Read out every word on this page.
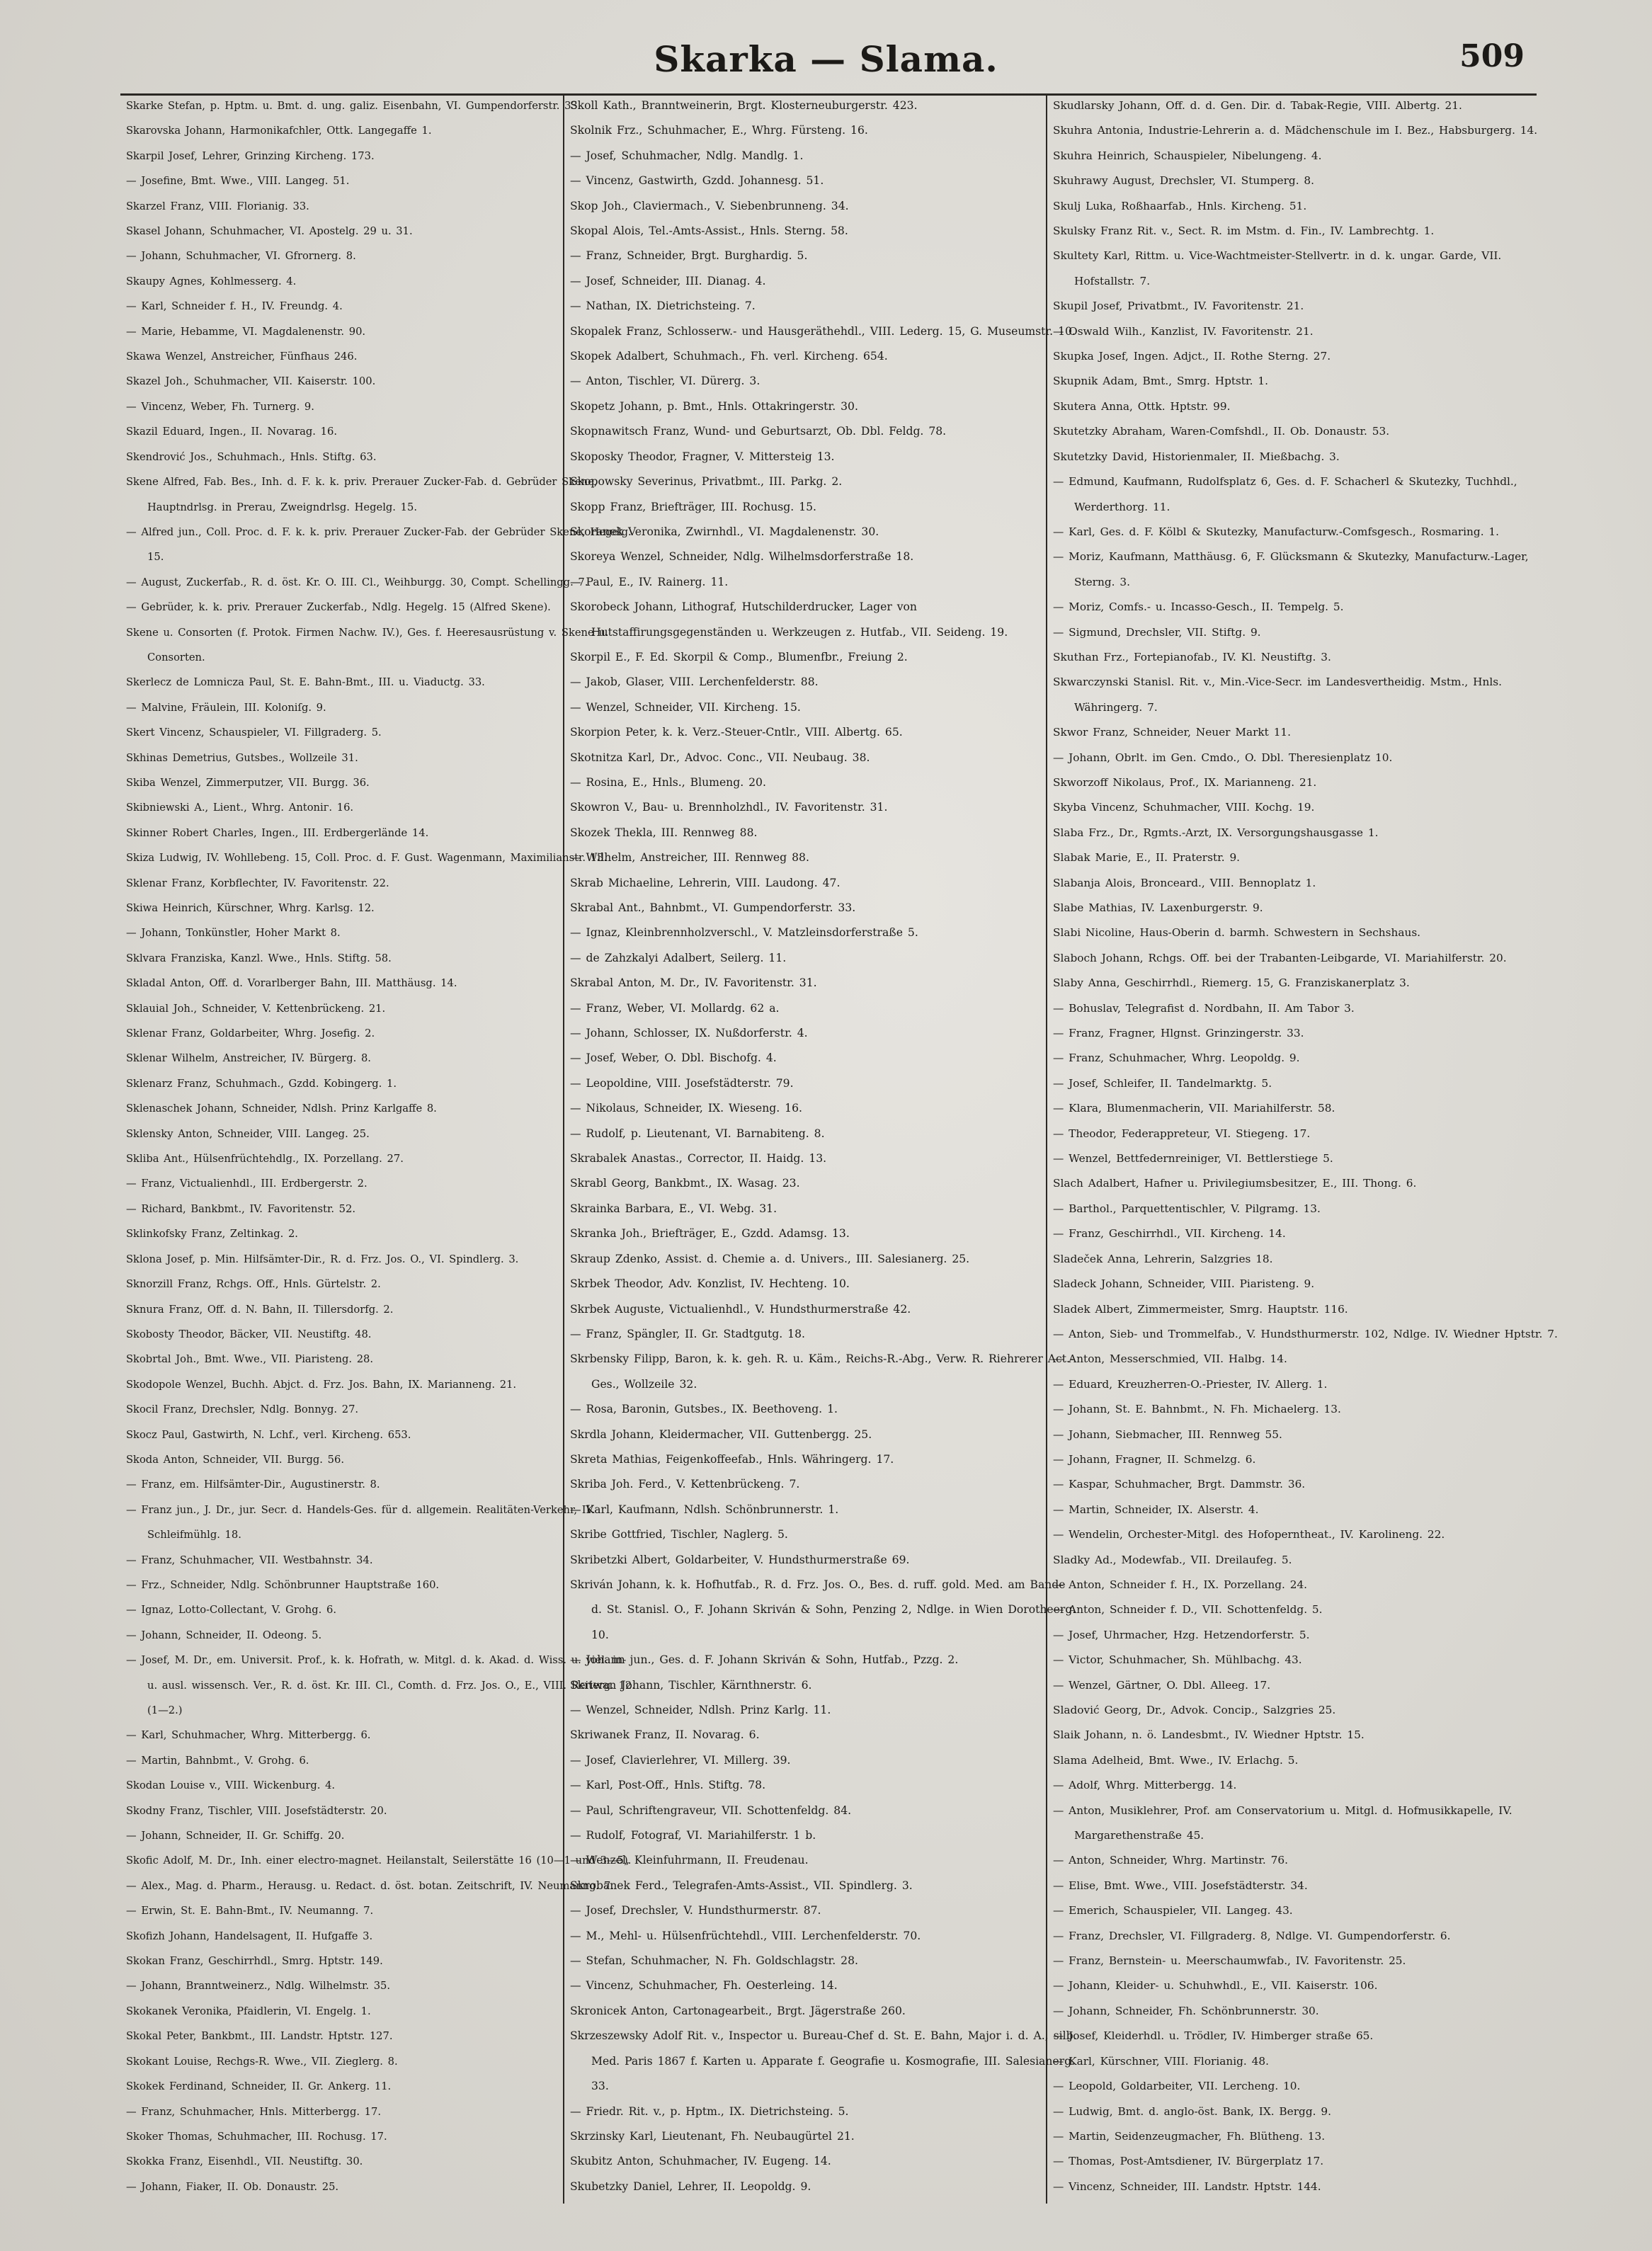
Skarka — Slama.	509

Skarke Stefan, p. Hptm. u. Bmt. d. ung. galiz. Eisenbahn, VI. Gumpendorferstr. 33.

Skarovska Johann, Harmonikafchler, Ottk. Langegaffe 1.

Skarpil Josef, Lehrer, Grinzing Kircheng. 173.

— Josefine, Bmt. Wwe., VIII. Langeg. 51.

Skarzel Franz, VIII. Florianig. 33.

Skasel Johann, Schuhmacher, VI. Apostelg. 29 u. 31.

— Johann, Schuhmacher, VI. Gfrornerg. 8.

Skaupy Agnes, Kohlmesserg. 4.

— Karl, Schneider f. H., IV. Freundg. 4.

— Marie, Hebamme, VI. Magdalenenstr. 90.

Skawa Wenzel, Anstreicher, Fünfhaus 246.

Skazel Joh., Schuhmacher, VII. Kaiserstr. 100.

— Vincenz, Weber, Fh. Turnerg. 9.

Skazil Eduard, Ingen., II. Novarag. 16.

Skendrović Jos., Schuhmach., Hnls. Stiftg. 63.

Skene Alfred, Fab. Bes., Inh. d. F. k. k. priv. Prerauer Zucker-Fab. d. Gebrüder Skene, Hauptndrlsg. in Prerau, Zweigndrlsg. Hegelg. 15.

— Alfred jun., Coll. Proc. d. F. k. k. priv. Prerauer Zucker-Fab. der Gebrüder Skene, Hegelg. 15.

— August, Zuckerfab., R. d. öst. Kr. O. III. Cl., Weihburgg. 30, Compt. Schellingg. 7.

— Gebrüder, k. k. priv. Prerauer Zuckerfab., Ndlg. Hegelg. 15 (Alfred Skene).

Skene u. Consorten (f. Protok. Firmen Nachw. IV.), Ges. f. Heeresausrüstung v. Skene u. Consorten.

Skerlecz de Lomnicza Paul, St. E. Bahn-Bmt., III. u. Viaductg. 33.

— Malvine, Fräulein, III. Koloniſg. 9.

Skert Vincenz, Schauspieler, VI. Fillgraderg. 5.

Skhinas Demetrius, Gutsbes., Wollzeile 31.

Skiba Wenzel, Zimmerputzer, VII. Burgg. 36.

Skibniewski A., Lient., Whrg. Antoniг. 16.

Skinner Robert Charles, Ingen., III. Erdbergerlände 14.

Skiza Ludwig, IV. Wohllebeng. 15, Coll. Proc. d. F. Gust. Wagenmann, Maximilianstr. 13.

Sklenar Franz, Korbflechter, IV. Favoritenstr. 22.

Skiwa Heinrich, Kürschner, Whrg. Karlsg. 12.

— Johann, Tonkünstler, Hoher Markt 8.

Sklvara Franziska, Kanzl. Wwe., Hnls. Stiftg. 58.

Skladal Anton, Off. d. Vorarlberger Bahn, III. Matthäusg. 14.

Sklauial Joh., Schneider, V. Kettenbrückeng. 21.

Sklenar Franz, Goldarbeiter, Whrg. Josefig. 2.

Sklenar Wilhelm, Anstreicher, IV. Bürgerg. 8.

Sklenarz Franz, Schuhmach., Gzdd. Kobingerg. 1.

Sklenaschek Johann, Schneider, Ndlsh. Prinz Karlgaffe 8.

Sklensky Anton, Schneider, VIII. Langeg. 25.

Skliba Ant., Hülsenfrüchtehdlg., IX. Porzellang. 27.

— Franz, Victualienhdl., III. Erdbergerstr. 2.

— Richard, Bankbmt., IV. Favoritenstr. 52.

Sklinkofsky Franz, Zeltinkag. 2.

Sklona Josef, p. Min. Hilfsämter-Dir., R. d. Frz. Jos. O., VI. Spindlerg. 3.

Sknorzill Franz, Rchgs. Off., Hnls. Gürtelstr. 2.

Sknura Franz, Off. d. N. Bahn, II. Tillersdorfg. 2.

Skobosty Theodor, Bäcker, VII. Neustiftg. 48.

Skobrtal Joh., Bmt. Wwe., VII. Piaristeng. 28.

Skodopole Wenzel, Buchh. Abjct. d. Frz. Jos. Bahn, IX. Marianneng. 21.

Skocil Franz, Drechsler, Ndlg. Bonnyg. 27.

Skocz Paul, Gastwirth, N. Lchf., verl. Kircheng. 653.

Skoda Anton, Schneider, VII. Burgg. 56.

— Franz, em. Hilfsämter-Dir., Augustinerstr. 8.

— Franz jun., J. Dr., jur. Secr. d. Handels-Ges. für d. allgemein. Realitäten-Verkehr, IV. Schleifmühlg. 18.

— Franz, Schuhmacher, VII. Westbahnstr. 34.

— Frz., Schneider, Ndlg. Schönbrunner Hauptstraße 160.

— Ignaz, Lotto-Collectant, V. Grohg. 6.

— Johann, Schneider, II. Odeong. 5.

— Josef, M. Dr., em. Universit. Prof., k. k. Hofrath, w. Mitgl. d. k. Akad. d. Wiss. u. viel. in- u. ausl. wissensch. Ver., R. d. öst. Kr. III. Cl., Comth. d. Frz. Jos. O., E., VIII. Reiterg. 12. (1—2.)

— Karl, Schuhmacher, Whrg. Mitterbergg. 6.

— Martin, Bahnbmt., V. Grohg. 6.

Skodan Louise v., VIII. Wickenburg. 4.

Skodny Franz, Tischler, VIII. Josefstädterstr. 20.

— Johann, Schneider, II. Gr. Schiffg. 20.

Skofic Adolf, M. Dr., Inh. einer electro-magnet. Heilanstalt, Seilerstätte 16 (10—1 und 3—5).

— Alex., Mag. d. Pharm., Herausg. u. Redact. d. öst. botan. Zeitschrift, IV. Neumanng. 7.

— Erwin, St. E. Bahn-Bmt., IV. Neumanng. 7.

Skofizh Johann, Handelsagent, II. Hufgaffe 3.

Skokan Franz, Geschirrhdl., Smrg. Hptstr. 149.

— Johann, Branntweinerz., Ndlg. Wilhelmstr. 35.

Skokanek Veronika, Pfaidlerin, VI. Engelg. 1.

Skokal Peter, Bankbmt., III. Landstr. Hptstr. 127.

Skokant Louise, Rechgs-R. Wwe., VII. Zieglerg. 8.

Skokek Ferdinand, Schneider, II. Gr. Ankerg. 11.

— Franz, Schuhmacher, Hnls. Mitterbergg. 17.

Skoker Thomas, Schuhmacher, III. Rochusg. 17.

Skokka Franz, Eisenhdl., VII. Neustiftg. 30.

— Johann, Fiaker, II. Ob. Donaustr. 25.

Skoll Kath., Branntweinerin, Brgt. Klosterneuburgerstr. 423.

Skolnik Frz., Schuhmacher, E., Whrg. Fürsteng. 16.

— Josef, Schuhmacher, Ndlg. Mandlg. 1.

— Vincenz, Gastwirth, Gzdd. Johannesg. 51.

Skop Joh., Claviermach., V. Siebenbrunneng. 34.

Skopal Alois, Tel.-Amts-Assist., Hnls. Sterng. 58.

— Franz, Schneider, Brgt. Burghardig. 5.

— Josef, Schneider, III. Dianag. 4.

— Nathan, IX. Dietrichsteing. 7.

Skopalek Franz, Schlosserw.- und Hausgeräthehdl., VIII. Lederg. 15, G. Museumstr. 10.

Skopek Adalbert, Schuhmach., Fh. verl. Kircheng. 654.

— Anton, Tischler, VI. Dürerg. 3.

Skopetz Johann, p. Bmt., Hnls. Ottakringerstr. 30.

Skopnawitsch Franz, Wund- und Geburtsarzt, Ob. Dbl. Feldg. 78.

Skoposky Theodor, Fragner, V. Mittersteig 13.

Skopowsky Severinus, Privatbmt., III. Parkg. 2.

Skopp Franz, Briefträger, III. Rochusg. 15.

Skoranek Veronika, Zwirnhdl., VI. Magdalenenstr. 30.

Skoreya Wenzel, Schneider, Ndlg. Wilhelmsdorferstraße 18.

— Paul, E., IV. Rainerg. 11.

Skorobeck Johann, Lithograf, Hutschilderdrucker, Lager von Hutstaffirungsgegenständen u. Werkzeugen z. Hutfab., VII. Seideng. 19.

Skorpil E., F. Ed. Skorpil & Comp., Blumenfbr., Freiung 2.

— Jakob, Glaser, VIII. Lerchenfelderstr. 88.

— Wenzel, Schneider, VII. Kircheng. 15.

Skorpion Peter, k. k. Verz.-Steuer-Cntlr., VIII. Albertg. 65.

Skotnitza Karl, Dr., Advoc. Conc., VII. Neubaug. 38.

— Rosina, E., Hnls., Blumeng. 20.

Skowron V., Bau- u. Brennholzhdl., IV. Favoritenstr. 31.

Skozek Thekla, III. Rennweg 88.

— Wilhelm, Anstreicher, III. Rennweg 88.

Skrab Michaeline, Lehrerin, VIII. Laudong. 47.

Skrabal Ant., Bahnbmt., VI. Gumpendorferstr. 33.

— Ignaz, Kleinbrennholzverschl., V. Matzleinsdorferstraße 5.

— de Zahzkalyi Adalbert, Seilerg. 11.

Skrabal Anton, M. Dr., IV. Favoritenstr. 31.

— Franz, Weber, VI. Mollardg. 62 a.

— Johann, Schlosser, IX. Nußdorferstr. 4.

— Josef, Weber, O. Dbl. Bischofg. 4.

— Leopoldine, VIII. Josefstädterstr. 79.

— Nikolaus, Schneider, IX. Wieseng. 16.

— Rudolf, p. Lieutenant, VI. Barnabiteng. 8.

Skrabalek Anastas., Corrector, II. Haidg. 13.

Skrabl Georg, Bankbmt., IX. Wasag. 23.

Skrainka Barbara, E., VI. Webg. 31.

Skranka Joh., Briefträger, E., Gzdd. Adamsg. 13.

Skraup Zdenko, Assist. d. Chemie a. d. Univers., III. Salesianerg. 25.

Skrbek Theodor, Adv. Konzlist, IV. Hechteng. 10.

Skrbek Auguste, Victualienhdl., V. Hundsthurmerstraße 42.

— Franz, Spängler, II. Gr. Stadtgutg. 18.

Skrbensky Filipp, Baron, k. k. geh. R. u. Käm., Reichs-R.-Abg., Verw. R. Riehrerer Act.-Ges., Wollzeile 32.

— Rosa, Baronin, Gutsbes., IX. Beethoveng. 1.

Skrdla Johann, Kleidermacher, VII. Guttenbergg. 25.

Skreta Mathias, Feigenkoffeefab., Hnls. Währingerg. 17.

Skriba Joh. Ferd., V. Kettenbrückeng. 7.

— Karl, Kaufmann, Ndlsh. Schönbrunnerstr. 1.

Skribe Gottfried, Tischler, Naglerg. 5.

Skribetzki Albert, Goldarbeiter, V. Hundsthurmerstraße 69.

Skriván Johann, k. k. Hofhutfab., R. d. Frz. Jos. O., Bes. d. ruff. gold. Med. am Bande d. St. Stanisl. O., F. Johann Skriván & Sohn, Penzing 2, Ndlge. in Wien Dorotheerg. 10.

— Johann jun., Ges. d. F. Johann Skriván & Sohn, Hutfab., Pzzg. 2.

Skriwan Johann, Tischler, Kärnthnerstr. 6.

— Wenzel, Schneider, Ndlsh. Prinz Karlg. 11.

Skriwanek Franz, II. Novarag. 6.

— Josef, Clavierlehrer, VI. Millerg. 39.

— Karl, Post-Off., Hnls. Stiftg. 78.

— Paul, Schriftengraveur, VII. Schottenfeldg. 84.

— Rudolf, Fotograf, VI. Mariahilferstr. 1 b.

— Wenzel, Kleinfuhrmann, II. Freudenau.

Skrobanek Ferd., Telegrafen-Amts-Assist., VII. Spindlerg. 3.

— Josef, Drechsler, V. Hundsthurmerstr. 87.

— M., Mehl- u. Hülsenfrüchtehdl., VIII. Lerchenfelderstr. 70.

— Stefan, Schuhmacher, N. Fh. Goldschlagstr. 28.

— Vincenz, Schuhmacher, Fh. Oesterleing. 14.

Skronicek Anton, Cartonagearbeit., Brgt. Jägerstraße 260.

Skrzeszewsky Adolf Rit. v., Inspector u. Bureau-Chef d. St. E. Bahn, Major i. d. A., silb. Med. Paris 1867 f. Karten u. Apparate f. Geografie u. Kosmografie, III. Salesianerg. 33.

— Friedr. Rit. v., p. Hptm., IX. Dietrichsteing. 5.

Skrzinsky Karl, Lieutenant, Fh. Neubaugürtel 21.

Skubitz Anton, Schuhmacher, IV. Eugeng. 14.

Skubetzky Daniel, Lehrer, II. Leopoldg. 9.

Skudlarsky Johann, Off. d. d. Gen. Dir. d. Tabak-Regie, VIII. Albertg. 21.

Skuhra Antonia, Industrie-Lehrerin a. d. Mädchenschule im I. Bez., Habsburgerg. 14.

Skuhra Heinrich, Schauspieler, Nibelungeng. 4.

Skuhrawy August, Drechsler, VI. Stumperg. 8.

Skulj Luka, Roßhaarfab., Hnls. Kircheng. 51.

Skulsky Franz Rit. v., Sect. R. im Mstm. d. Fin., IV. Lambrechtg. 1.

Skultety Karl, Rittm. u. Vice-Wachtmeister-Stellvertr. in d. k. ungar. Garde, VII. Hofstallstr. 7.

Skupil Josef, Privatbmt., IV. Favoritenstr. 21.

— Oswald Wilh., Kanzlist, IV. Favoritenstr. 21.

Skupka Josef, Ingen. Adjct., II. Rothe Sterng. 27.

Skupnik Adam, Bmt., Smrg. Hptstr. 1.

Skutera Anna, Ottk. Hptstr. 99.

Skutetzky Abraham, Waren-Comfshdl., II. Ob. Donaustr. 53.

Skutetzky David, Historienmaler, II. Mießbachg. 3.

— Edmund, Kaufmann, Rudolfsplatz 6, Ges. d. F. Schacherl & Skutezky, Tuchhdl., Werderthorg. 11.

— Karl, Ges. d. F. Kölbl & Skutezky, Manufacturw.-Comfsgesch., Rosmaring. 1.

— Moriz, Kaufmann, Matthäusg. 6, F. Glücksmann & Skutezky, Manufacturw.-Lager, Sterng. 3.

— Moriz, Comfs.- u. Incasso-Gesch., II. Tempelg. 5.

— Sigmund, Drechsler, VII. Stiftg. 9.

Skuthan Frz., Fortepianofab., IV. Kl. Neustiftg. 3.

Skwarczynski Stanisl. Rit. v., Min.-Vice-Secr. im Landesvertheidig. Mstm., Hnls. Währingerg. 7.

Skwor Franz, Schneider, Neuer Markt 11.

— Johann, Obrlt. im Gen. Cmdo., O. Dbl. Theresienplatz 10.

Skworzoff Nikolaus, Prof., IX. Marianneng. 21.

Skyba Vincenz, Schuhmacher, VIII. Kochg. 19.

Slaba Frz., Dr., Rgmts.-Arzt, IX. Versorgungshausgasse 1.

Slabak Marie, E., II. Praterstr. 9.

Slabanja Alois, Bronceard., VIII. Bennoplatz 1.

Slabe Mathias, IV. Laxenburgerstr. 9.

Slabi Nicoline, Haus-Oberin d. barmh. Schwestern in Sechshaus.

Slaboch Johann, Rchgs. Off. bei der Trabanten-Leibgarde, VI. Mariahilferstr. 20.

Slaby Anna, Geschirrhdl., Riemerg. 15, G. Franziskanerplatz 3.

— Bohuslav, Telegrafist d. Nordbahn, II. Am Tabor 3.

— Franz, Fragner, Hlgnst. Grinzingerstr. 33.

— Franz, Schuhmacher, Whrg. Leopoldg. 9.

— Josef, Schleifer, II. Tandelmarktg. 5.

— Klara, Blumenmacherin, VII. Mariahilferstr. 58.

— Theodor, Federappreteur, VI. Stiegeng. 17.

— Wenzel, Bettfedernreiniger, VI. Bettlerstiege 5.

Slach Adalbert, Hafner u. Privilegiumsbesitzer, E., III. Thong. 6.

— Barthol., Parquettentischler, V. Pilgramg. 13.

— Franz, Geschirrhdl., VII. Kircheng. 14.

Sladeček Anna, Lehrerin, Salzgries 18.

Sladeck Johann, Schneider, VIII. Piaristeng. 9.

Sladek Albert, Zimmermeister, Smrg. Hauptstr. 116.

— Anton, Sieb- und Trommelfab., V. Hundsthurmerstr. 102, Ndlge. IV. Wiedner Hptstr. 7.

— Anton, Messerschmied, VII. Halbg. 14.

— Eduard, Kreuzherren-O.-Priester, IV. Allerg. 1.

— Johann, St. E. Bahnbmt., N. Fh. Michaelerg. 13.

— Johann, Siebmacher, III. Rennweg 55.

— Johann, Fragner, II. Schmelzg. 6.

— Kaspar, Schuhmacher, Brgt. Dammstr. 36.

— Martin, Schneider, IX. Alserstr. 4.

— Wendelin, Orchester-Mitgl. des Hofoperntheat., IV. Karolineng. 22.

Sladky Ad., Modewfab., VII. Dreilaufeg. 5.

— Anton, Schneider f. H., IX. Porzellang. 24.

— Anton, Schneider f. D., VII. Schottenfeldg. 5.

— Josef, Uhrmacher, Hzg. Hetzendorferstr. 5.

— Victor, Schuhmacher, Sh. Mühlbachg. 43.

— Wenzel, Gärtner, O. Dbl. Alleeg. 17.

Sladović Georg, Dr., Advok. Concip., Salzgries 25.

Slaik Johann, n. ö. Landesbmt., IV. Wiedner Hptstr. 15.

Slama Adelheid, Bmt. Wwe., IV. Erlachg. 5.

— Adolf, Whrg. Mitterbergg. 14.

— Anton, Musiklehrer, Prof. am Conservatorium u. Mitgl. d. Hofmusikkapelle, IV. Margarethenstraße 45.

— Anton, Schneider, Whrg. Martinstr. 76.

— Elise, Bmt. Wwe., VIII. Josefstädterstr. 34.

— Emerich, Schauspieler, VII. Langeg. 43.

— Franz, Drechsler, VI. Fillgraderg. 8, Ndlge. VI. Gumpendorferstr. 6.

— Franz, Bernstein- u. Meerschaumwfab., IV. Favoritenstr. 25.

— Johann, Kleider- u. Schuhwhdl., E., VII. Kaiserstr. 106.

— Johann, Schneider, Fh. Schönbrunnerstr. 30.

— Josef, Kleiderhdl. u. Trödler, IV. Himberger straße 65.

— Karl, Kürschner, VIII. Florianig. 48.

— Leopold, Goldarbeiter, VII. Lercheng. 10.

— Ludwig, Bmt. d. anglo-öst. Bank, IX. Bergg. 9.

— Martin, Seidenzeugmacher, Fh. Blütheng. 13.

— Thomas, Post-Amtsdiener, IV. Bürgerplatz 17.

— Vincenz, Schneider, III. Landstr. Hptstr. 144.
